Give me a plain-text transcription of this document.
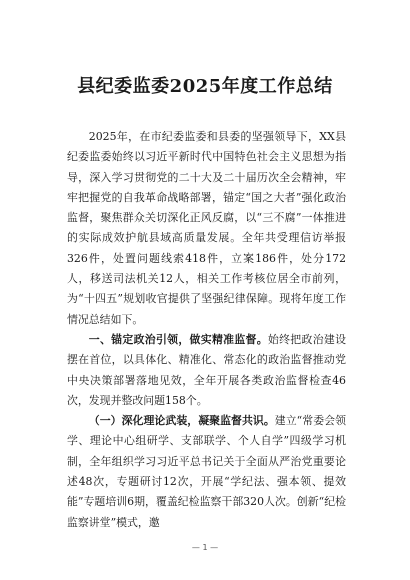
县纪委监委2025年度工作总结

2025年，在市纪委监委和县委的坚强领导下，XX县纪委监委始终以习近平新时代中国特色社会主义思想为指导，深入学习贯彻党的二十大及二十届历次全会精神，牢牢把握党的自我革命战略部署，锚定“国之大者”强化政治监督，聚焦群众关切深化正风反腐，以“三不腐”一体推进的实际成效护航县域高质量发展。全年共受理信访举报326件，处置问题线索418件，立案186件，处分172人，移送司法机关12人，相关工作考核位居全市前列，为“十四五”规划收官提供了坚强纪律保障。现将年度工作情况总结如下。

一、锚定政治引领，做实精准监督。始终把政治建设摆在首位，以具体化、精准化、常态化的政治监督推动党中央决策部署落地见效，全年开展各类政治监督检查46次，发现并整改问题158个。

（一）深化理论武装，凝聚监督共识。建立“常委会领学、理论中心组研学、支部联学、个人自学”四级学习机制，全年组织学习习近平总书记关于全面从严治党重要论述48次，专题研讨12次，开展“学纪法、强本领、提效能”专题培训6期，覆盖纪检监察干部320人次。创新“纪检监察讲堂”模式，邀

— 1 —
